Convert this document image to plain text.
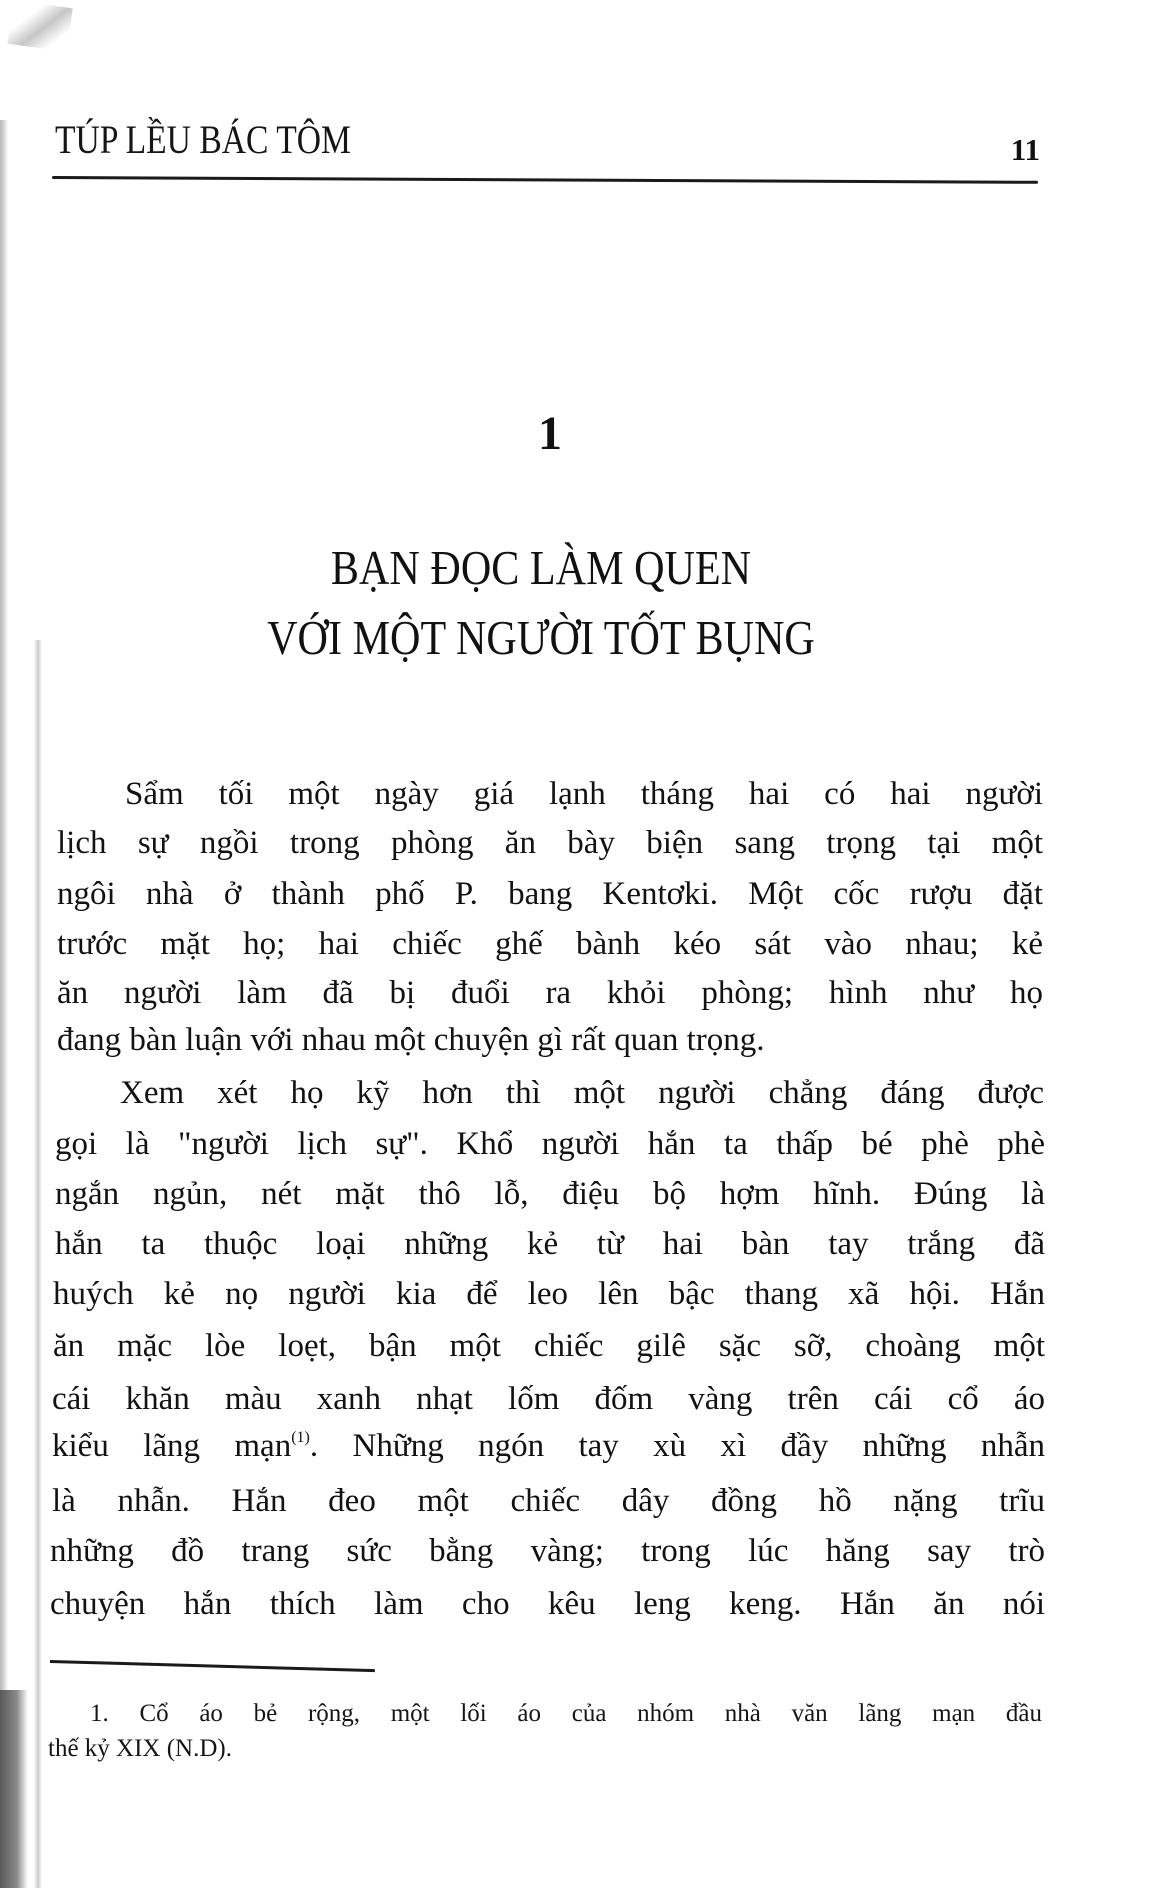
TÚP LỀU BÁC TÔM	11
1
BẠN ĐỌC LÀM QUEN
VỚI MỘT NGƯỜI TỐT BỤNG
Sẩm tối một ngày giá lạnh tháng hai có hai người
lịch sự ngồi trong phòng ăn bày biện sang trọng tại một
ngôi nhà ở thành phố P. bang Kentơki. Một cốc rượu đặt
trước mặt họ; hai chiếc ghế bành kéo sát vào nhau; kẻ
ăn người làm đã bị đuổi ra khỏi phòng; hình như họ
đang bàn luận với nhau một chuyện gì rất quan trọng.
Xem xét họ kỹ hơn thì một người chẳng đáng được
gọi là "người lịch sự". Khổ người hắn ta thấp bé phè phè
ngắn ngủn, nét mặt thô lỗ, điệu bộ hợm hĩnh. Đúng là
hắn ta thuộc loại những kẻ từ hai bàn tay trắng đã
huých kẻ nọ người kia để leo lên bậc thang xã hội. Hắn
ăn mặc lòe loẹt, bận một chiếc gilê sặc sỡ, choàng một
cái khăn màu xanh nhạt lốm đốm vàng trên cái cổ áo
kiểu lãng mạn$^{(1)}$. Những ngón tay xù xì đầy những nhẫn
là nhẫn. Hắn đeo một chiếc dây đồng hồ nặng trĩu
những đồ trang sức bằng vàng; trong lúc hăng say trò
chuyện hắn thích làm cho kêu leng keng. Hắn ăn nói
1. Cổ áo bẻ rộng, một lối áo của nhóm nhà văn lãng mạn đầu
thế kỷ XIX (N.D).
